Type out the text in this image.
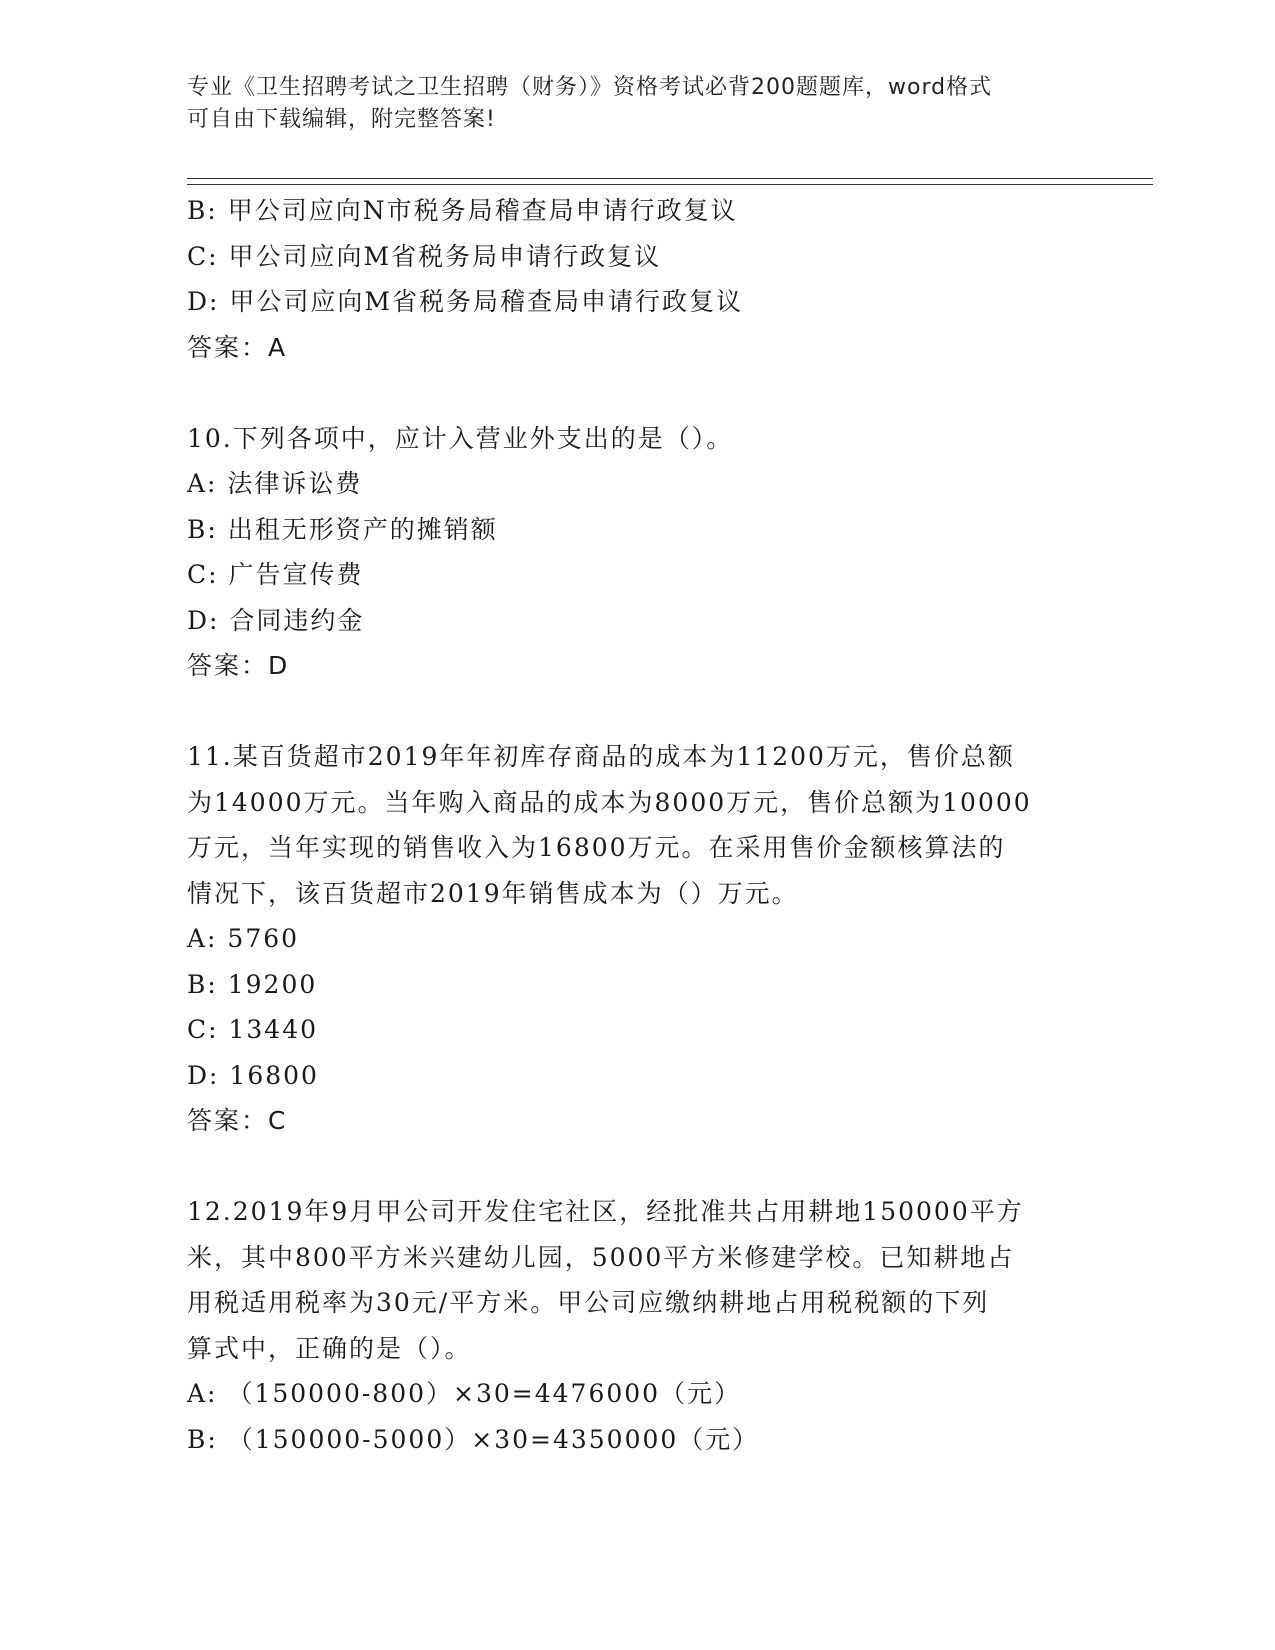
专业《卫生招聘考试之卫生招聘（财务）》资格考试必背200题题库，word格式
可自由下载编辑，附完整答案!
B: 甲公司应向N市税务局稽查局申请行政复议
C: 甲公司应向M省税务局申请行政复议
D: 甲公司应向M省税务局稽查局申请行政复议
答案：A
10.下列各项中，应计入营业外支出的是（）。
A: 法律诉讼费
B: 出租无形资产的摊销额
C: 广告宣传费
D: 合同违约金
答案：D
11.某百货超市2019年年初库存商品的成本为11200万元，售价总额
为14000万元。当年购入商品的成本为8000万元，售价总额为10000
万元，当年实现的销售收入为16800万元。在采用售价金额核算法的
情况下，该百货超市2019年销售成本为（）万元。
A: 5760
B: 19200
C: 13440
D: 16800
答案：C
12.2019年9月甲公司开发住宅社区，经批准共占用耕地150000平方
米，其中800平方米兴建幼儿园，5000平方米修建学校。已知耕地占
用税适用税率为30元/平方米。甲公司应缴纳耕地占用税税额的下列
算式中，正确的是（）。
A: （150000-800）×30=4476000（元）
B: （150000-5000）×30=4350000（元）
